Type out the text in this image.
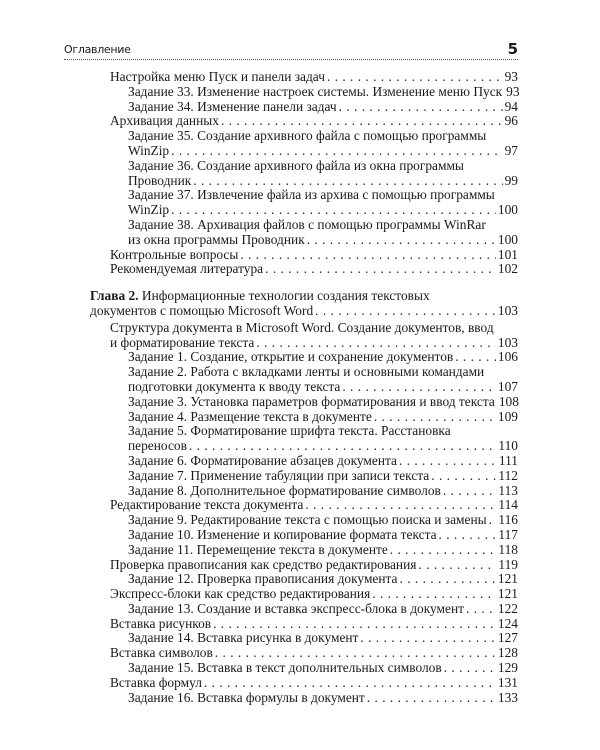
Оглавление	5
Настройка меню Пуск и панели задач . . .	93
Задание 33. Изменение настроек системы. Изменение меню Пуск 93
Задание 34. Изменение панели задач . . .	94
Архивация данных . . .	96
Задание 35. Создание архивного файла с помощью программы
WinZip . . .	97
Задание 36. Создание архивного файла из окна программы
Проводник . . .	99
Задание 37. Извлечение файла из архива с помощью программы
WinZip . . .	100
Задание 38. Архивация файлов с помощью программы WinRar
из окна программы Проводник . . .	100
Контрольные вопросы . . .	101
Рекомендуемая литература . . .	102
Глава 2. Информационные технологии создания текстовых
документов с помощью Microsoft Word . . .	103
Структура документа в Microsoft Word. Создание документов, ввод
и форматирование текста . . .	103
Задание 1. Создание, открытие и сохранение документов . . .	106
Задание 2. Работа с вкладками ленты и основными командами
подготовки документа к вводу текста . . .	107
Задание 3. Установка параметров форматирования и ввод текста 108
Задание 4. Размещение текста в документе . . .	109
Задание 5. Форматирование шрифта текста. Расстановка
переносов . . .	110
Задание 6. Форматирование абзацев документа . . .	111
Задание 7. Применение табуляции при записи текста . . .	112
Задание 8. Дополнительное форматирование символов . . .	113
Редактирование текста документа . . .	114
Задание 9. Редактирование текста с помощью поиска и замены . . . 116
Задание 10. Изменение и копирование формата текста . . .	117
Задание 11. Перемещение текста в документе . . .	118
Проверка правописания как средство редактирования . . .	119
Задание 12. Проверка правописания документа . . .	121
Экспресс-блоки как средство редактирования . . .	121
Задание 13. Создание и вставка экспресс-блока в документ . . .	122
Вставка рисунков . . .	124
Задание 14. Вставка рисунка в документ . . .	127
Вставка символов . . .	128
Задание 15. Вставка в текст дополнительных символов . . .	129
Вставка формул . . .	131
Задание 16. Вставка формулы в документ . . .	133
